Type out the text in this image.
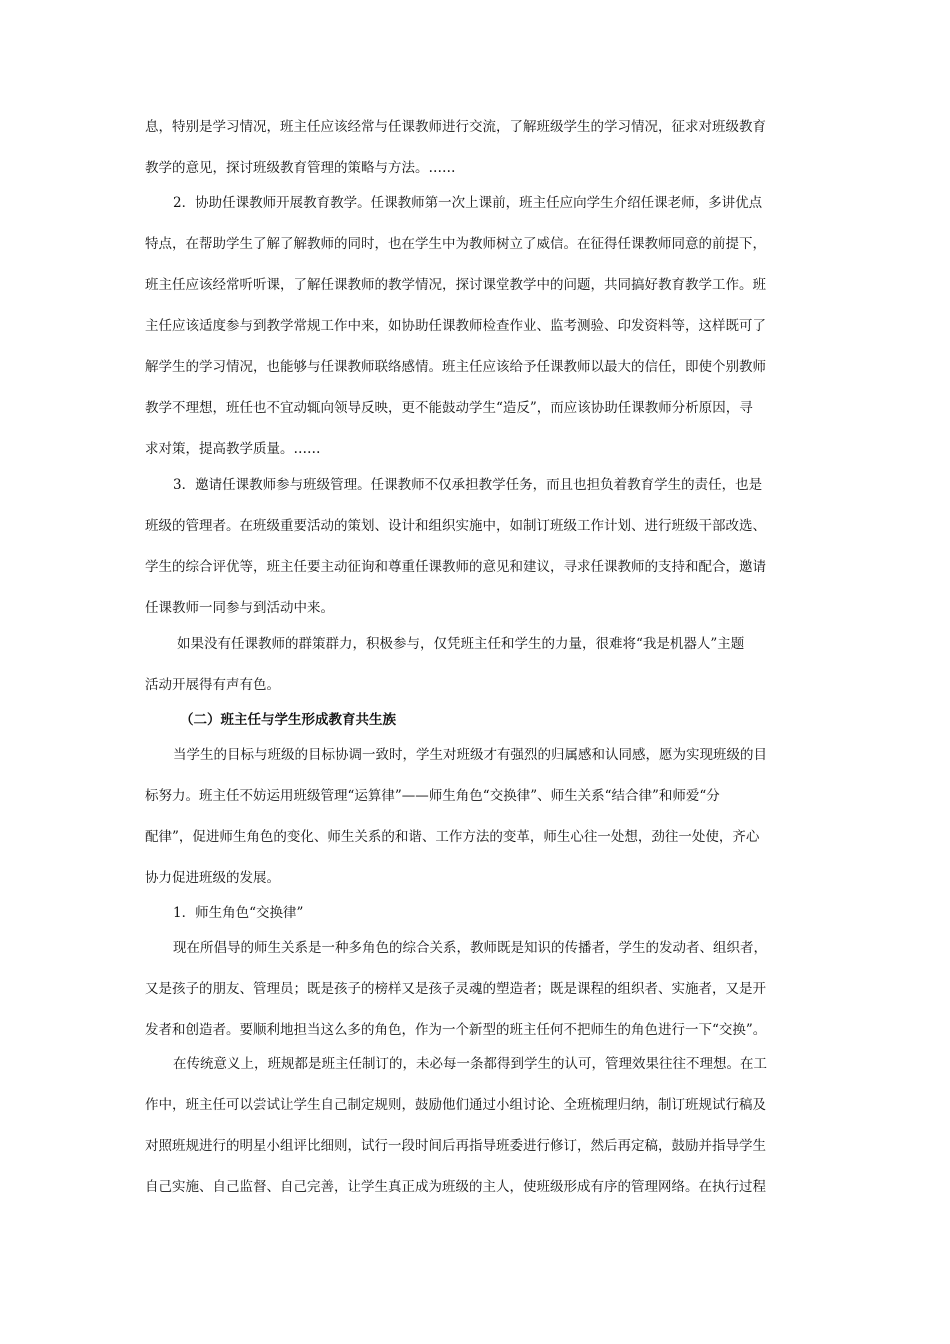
息，特别是学习情况，班主任应该经常与任课教师进行交流，了解班级学生的学习情况，征求对班级教育
教学的意见，探讨班级教育管理的策略与方法。……
2．协助任课教师开展教育教学。任课教师第一次上课前，班主任应向学生介绍任课老师，多讲优点
特点，在帮助学生了解了解教师的同时，也在学生中为教师树立了威信。在征得任课教师同意的前提下，
班主任应该经常听听课，了解任课教师的教学情况，探讨课堂教学中的问题，共同搞好教育教学工作。班
主任应该适度参与到教学常规工作中来，如协助任课教师检查作业、监考测验、印发资料等，这样既可了
解学生的学习情况，也能够与任课教师联络感情。班主任应该给予任课教师以最大的信任，即使个别教师
教学不理想，班任也不宜动辄向领导反映，更不能鼓动学生“造反”，而应该协助任课教师分析原因，寻
求对策，提高教学质量。……
3．邀请任课教师参与班级管理。任课教师不仅承担教学任务，而且也担负着教育学生的责任，也是
班级的管理者。在班级重要活动的策划、设计和组织实施中，如制订班级工作计划、进行班级干部改选、
学生的综合评优等，班主任要主动征询和尊重任课教师的意见和建议，寻求任课教师的支持和配合，邀请
任课教师一同参与到活动中来。
如果没有任课教师的群策群力，积极参与，仅凭班主任和学生的力量，很难将“我是机器人”主题
活动开展得有声有色。
（二）班主任与学生形成教育共生族
当学生的目标与班级的目标协调一致时，学生对班级才有强烈的归属感和认同感，愿为实现班级的目
标努力。班主任不妨运用班级管理“运算律”——师生角色“交换律”、师生关系“结合律”和师爱“分
配律”，促进师生角色的变化、师生关系的和谐、工作方法的变革，师生心往一处想，劲往一处使，齐心
协力促进班级的发展。
1．师生角色“交换律”
现在所倡导的师生关系是一种多角色的综合关系，教师既是知识的传播者，学生的发动者、组织者，
又是孩子的朋友、管理员；既是孩子的榜样又是孩子灵魂的塑造者；既是课程的组织者、实施者，又是开
发者和创造者。要顺利地担当这么多的角色，作为一个新型的班主任何不把师生的角色进行一下“交换”。
在传统意义上，班规都是班主任制订的，未必每一条都得到学生的认可，管理效果往往不理想。在工
作中，班主任可以尝试让学生自己制定规则，鼓励他们通过小组讨论、全班梳理归纳，制订班规试行稿及
对照班规进行的明星小组评比细则，试行一段时间后再指导班委进行修订，然后再定稿，鼓励并指导学生
自己实施、自己监督、自己完善，让学生真正成为班级的主人，使班级形成有序的管理网络。在执行过程
